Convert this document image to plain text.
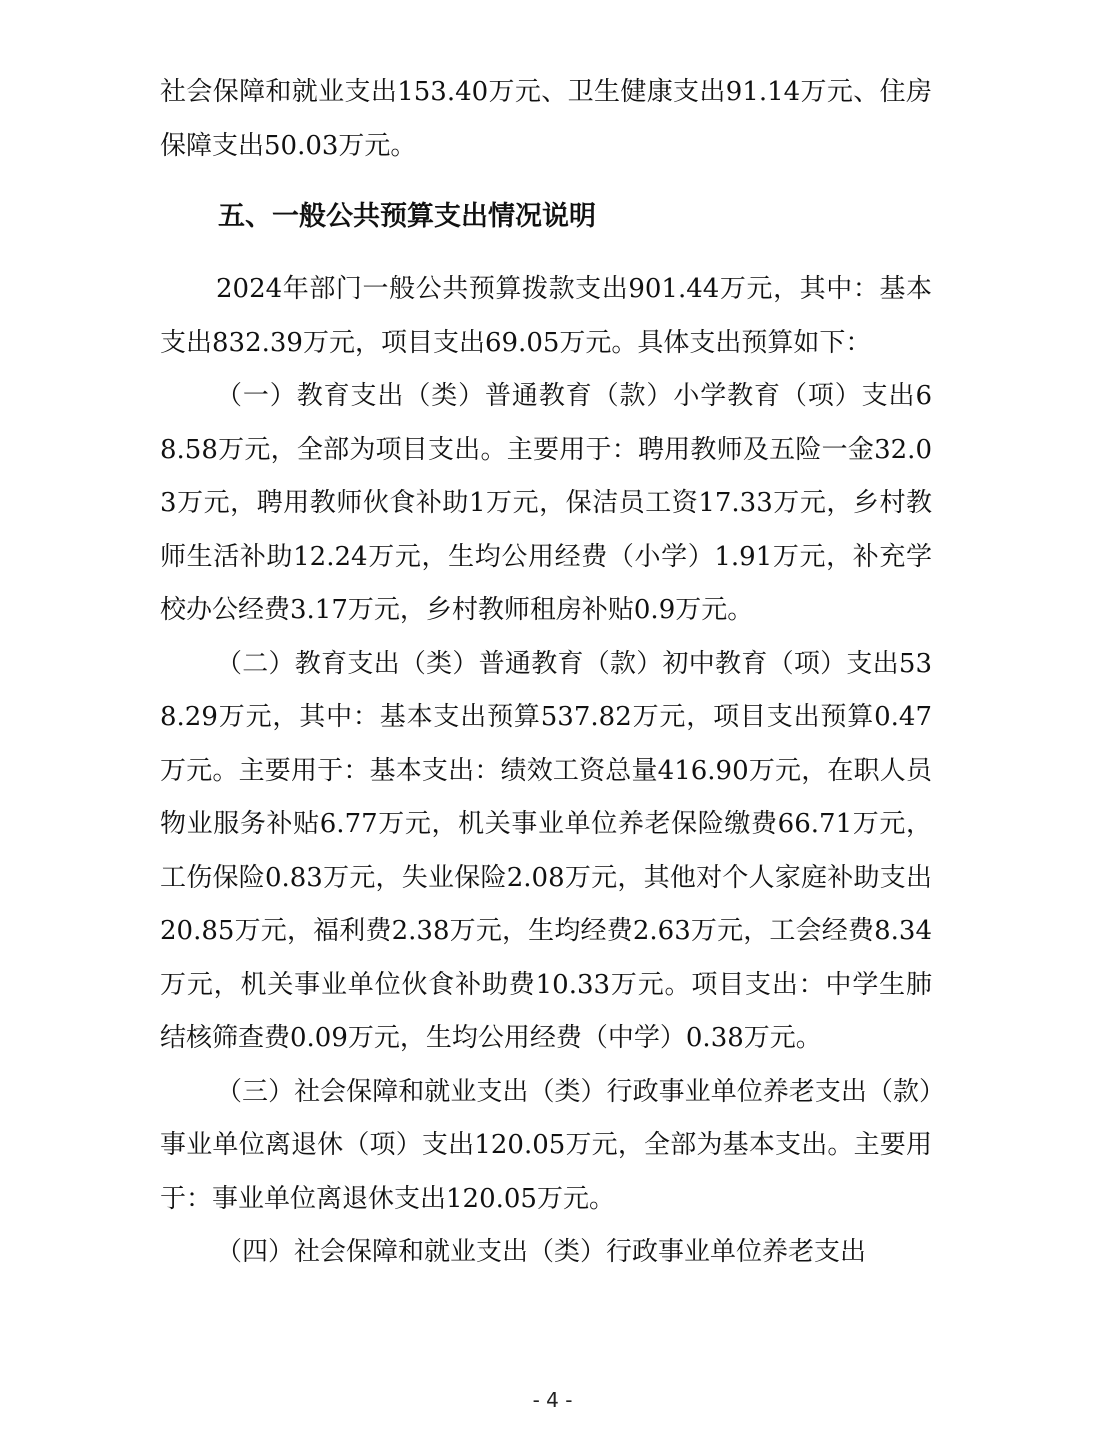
社会保障和就业支出153.40万元、卫生健康支出91.14万元、住房保障支出50.03万元。

五、一般公共预算支出情况说明

2024年部门一般公共预算拨款支出901.44万元，其中：基本支出832.39万元，项目支出69.05万元。具体支出预算如下：

（一）教育支出（类）普通教育（款）小学教育（项）支出68.58万元，全部为项目支出。主要用于：聘用教师及五险一金32.03万元，聘用教师伙食补助1万元，保洁员工资17.33万元，乡村教师生活补助12.24万元，生均公用经费（小学）1.91万元，补充学校办公经费3.17万元，乡村教师租房补贴0.9万元。

（二）教育支出（类）普通教育（款）初中教育（项）支出538.29万元，其中：基本支出预算537.82万元，项目支出预算0.47万元。主要用于：基本支出：绩效工资总量416.90万元，在职人员物业服务补贴6.77万元，机关事业单位养老保险缴费66.71万元，工伤保险0.83万元，失业保险2.08万元，其他对个人家庭补助支出20.85万元，福利费2.38万元，生均经费2.63万元，工会经费8.34万元，机关事业单位伙食补助费10.33万元。项目支出：中学生肺结核筛查费0.09万元，生均公用经费（中学）0.38万元。

（三）社会保障和就业支出（类）行政事业单位养老支出（款）事业单位离退休（项）支出120.05万元，全部为基本支出。主要用于：事业单位离退休支出120.05万元。

（四）社会保障和就业支出（类）行政事业单位养老支出

- 4 -
